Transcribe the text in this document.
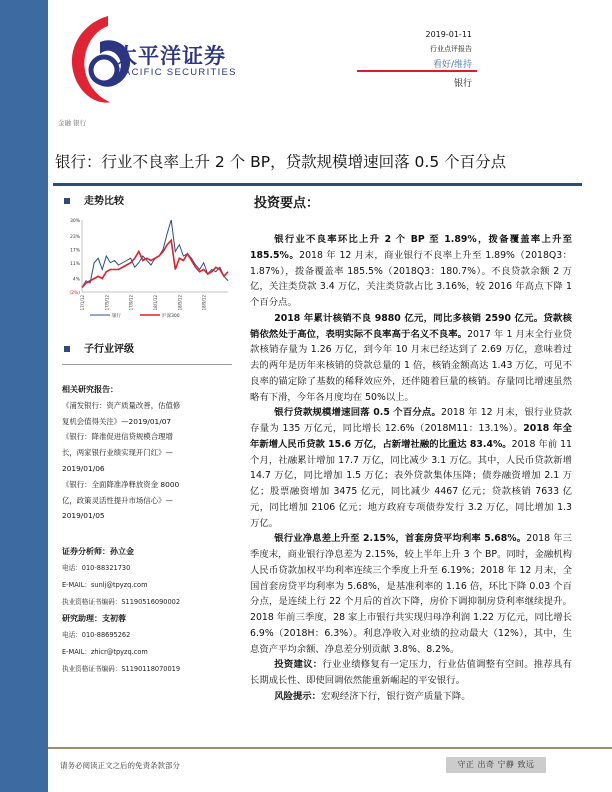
太平洋证券
PACIFIC SECURITIES
2019-01-11
行业点评报告
看好/维持
银行
金融 银行
银行：行业不良率上升 2 个 BP，贷款规模增速回落 0.5 个百分点
走势比较
(2%)
4%
11%
17%
23%
30%
17/1/12	17/5/12	17/9/12	18/1/12	18/5/12	18/9/12
银行	沪深300
子行业评级
相关研究报告：
《浦发银行：资产质量改善，估值修复机会值得关注》—2019/01/07
《银行：降准促进信贷规模合理增长，两家银行业绩实现开门红》—2019/01/06
《银行：全面降准净释放资金 8000 亿，政策灵活性提升市场信心》—2019/01/05
证券分析师：孙立金
电话：010-88321730
E-MAIL：sunlj@tpyzq.com
执业资格证书编码：S1190516090002
研究助理：支初蓉
电话：010-88695262
E-MAIL：zhicr@tpyzq.com
执业资格证书编码：S1190118070019
投资要点：

银行业不良率环比上升 2 个 BP 至 1.89%，拨备覆盖率上升至 185.5%。2018 年 12 月末，商业银行不良率上升至 1.89%（2018Q3：1.87%），拨备覆盖率 185.5%（2018Q3：180.7%）。不良贷款余额 2 万亿，关注类贷款 3.4 万亿，关注类贷款占比 3.16%，较 2016 年高点下降 1 个百分点。

2018 年累计核销不良 9880 亿元，同比多核销 2590 亿元。贷款核销依然处于高位，表明实际不良率高于名义不良率。2017 年 1 月末全行业贷款核销存量为 1.26 万亿，到今年 10 月末已经达到了 2.69 万亿，意味着过去的两年是历年来核销的贷款总量的 1 倍，核销金额高达 1.43 万亿，可见不良率的锚定除了基数的稀释效应外，还伴随着巨量的核销。存量同比增速虽然略有下滑，今年各月度均在 50%以上。

银行贷款规模增速回落 0.5 个百分点。2018 年 12 月末，银行业贷款存量为 135 万亿元，同比增长 12.6%（2018M11：13.1%）。2018 年全年新增人民币贷款 15.6 万亿，占新增社融的比重达 83.4%。2018 年前 11 个月，社融累计增加 17.7 万亿，同比减少 3.1 万亿。其中，人民币贷款新增 14.7 万亿，同比增加 1.5 万亿；表外贷款集体压降；债券融资增加 2.1 万亿；股票融资增加 3475 亿元，同比减少 4467 亿元；贷款核销 7633 亿元，同比增加 2106 亿元；地方政府专项债券发行 3.2 万亿，同比增加 1.3 万亿。

银行业净息差上升至 2.15%，首套房贷平均利率 5.68%。2018 年三季度末，商业银行净息差为 2.15%，较上半年上升 3 个 BP。同时，金融机构人民币贷款加权平均利率连续三个季度上升至 6.19%；2018 年 12 月末，全国首套房贷平均利率为 5.68%，是基准利率的 1.16 倍，环比下降 0.03 个百分点，是连续上行 22 个月后的首次下降，房价下调抑制房贷利率继续提升。2018 年前三季度，28 家上市银行共实现归母净利润 1.22 万亿元，同比增长 6.9%（2018H：6.3%）。利息净收入对业绩的拉动最大（12%），其中，生息资产平均余额、净息差分别贡献 3.8%、8.2%。

投资建议：行业业绩修复有一定压力，行业估值调整有空间。推荐具有长期成长性、即使回调依然能重新崛起的平安银行。

风险提示：宏观经济下行，银行资产质量下降。

请务必阅读正文之后的免责条款部分	守正 出奇 宁静 致远
